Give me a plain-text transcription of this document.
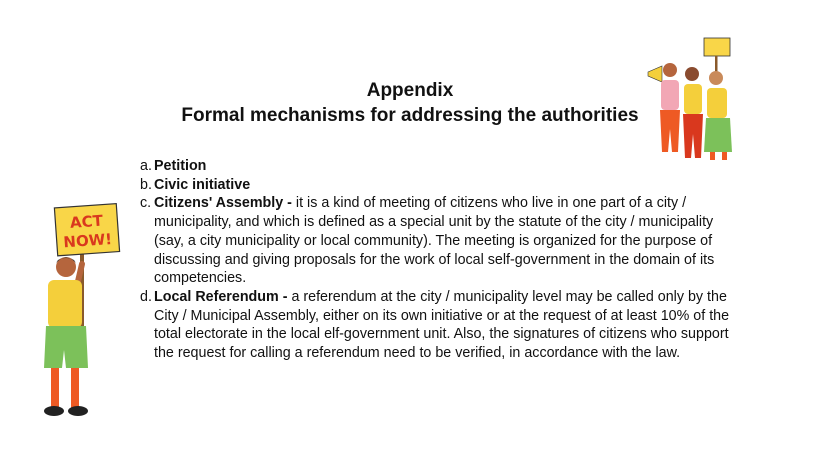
Appendix
Formal mechanisms for addressing the authorities
a. Petition
b. Civic initiative
c. Citizens' Assembly - it is a kind of meeting of citizens who live in one part of a city / municipality, and which is defined as a special unit by the statute of the city / municipality (say, a city municipality or local community). The meeting is organized for the purpose of discussing and giving proposals for the work of local self-government in the domain of its competencies.
d. Local Referendum - a referendum at the city / municipality level may be called only by the City / Municipal Assembly, either on its own initiative or at the request of at least 10% of the total electorate in the local elf-government unit. Also, the signatures of citizens who support the request for calling a referendum need to be verified, in accordance with the law.
ACT
NOW!
